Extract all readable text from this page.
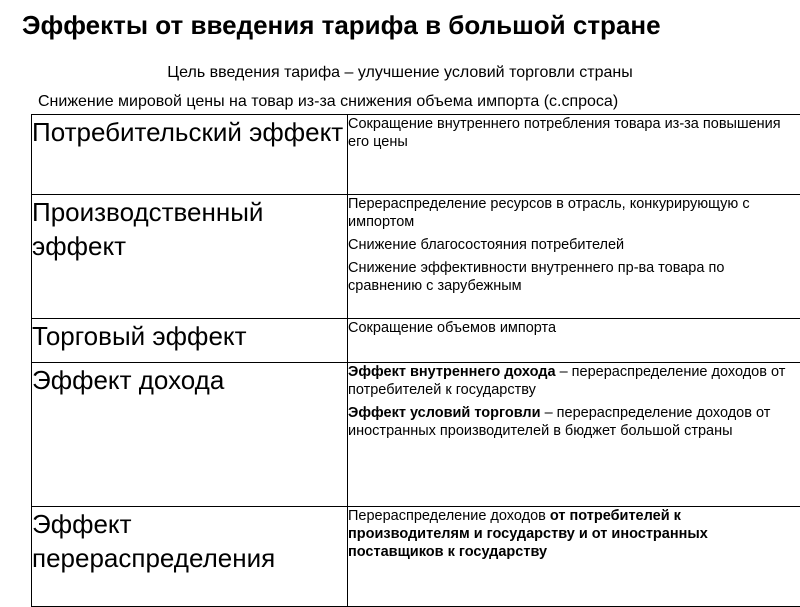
Эффекты от введения тарифа в большой стране
Цель введения тарифа – улучшение условий торговли страны
Снижение мировой цены на товар из-за снижения объема импорта (с.спроса)
Потребительский эффект	Сокращение внутреннего потребления товара из-за повышения его цены

Производственный эффект	Перераспределение ресурсов в отрасль, конкурирующую с импортом
Снижение благосостояния потребителей
Снижение эффективности внутреннего пр-ва товара по сравнению с зарубежным

Торговый эффект	Сокращение объемов импорта

Эффект дохода	Эффект внутреннего дохода – перераспределение доходов от потребителей к государству
Эффект условий торговли – перераспределение доходов от иностранных производителей в бюджет большой страны

Эффект перераспределения	Перераспределение доходов от потребителей к производителям и государству и от иностранных поставщиков к государству
